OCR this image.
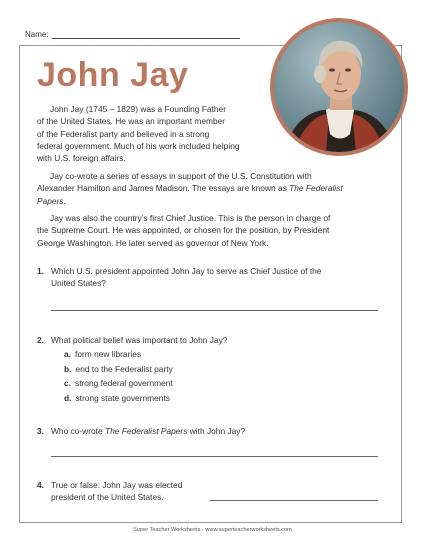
Name:
John Jay
John Jay (1745 – 1829) was a Founding Father
of the United States. He was an important member
of the Federalist party and believed in a strong
federal government. Much of his work included helping
with U.S. foreign affairs.
Jay co-wrote a series of essays in support of the U.S. Constitution with
Alexander Hamilton and James Madison. The essays are known as The Federalist
Papers.
Jay was also the country’s first Chief Justice. This is the person in charge of
the Supreme Court. He was appointed, or chosen for the position, by President
George Washington. He later served as governor of New York.
1. Which U.S. president appointed John Jay to serve as Chief Justice of the
United States?
2. What political belief was important to John Jay?
a. form new libraries
b. end to the Federalist party
c. strong federal government
d. strong state governments
3. Who co-wrote The Federalist Papers with John Jay?
4. True or false: John Jay was elected
president of the United States.
Super Teacher Worksheets - www.superteacherworksheets.com
